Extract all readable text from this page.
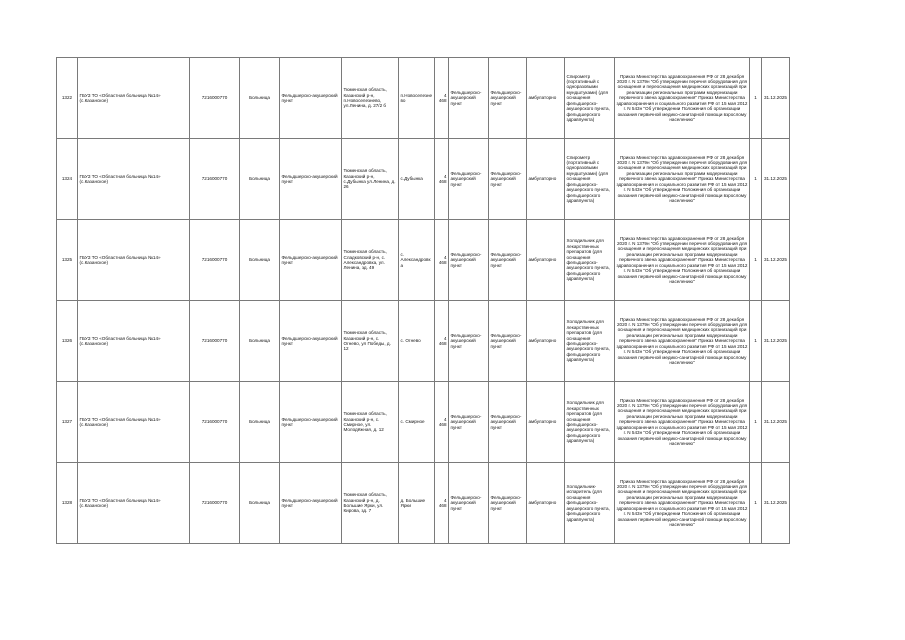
1322	ГБУЗ ТО «Областная больница №14» (с.Казанское)	7216000770	Больница	Фельдшерско-акушерский пункт	Тюменская область, Казанский р-н, п.Новоселезнево, ул.Ленина, д. 27/2 б	п.Новоселезнево	4 468	Фельдшерско-акушерский пункт	Фельдшерско-акушерский пункт	амбулаторно	Спирометр (портативный с одноразовыми мундштуками) (для оснащения фельдшерско-акушерского пункта, фельдшерского здравпункта)	Приказ Министерства здравоохранения РФ от 28 декабря 2020 г. N 1379н "Об утверждении перечня оборудования для оснащения и переоснащения медицинских организаций при реализации региональных программ модернизации первичного звена здравоохранения" Приказ Министерства здравоохранения и социального развития РФ от 15 мая 2012 г. N 543н "Об утверждении Положения об организации оказания первичной медико-санитарной помощи взрослому населению"	1	31.12.2025
1324	ГБУЗ ТО «Областная больница №14» (с.Казанское)	7216000770	Больница	Фельдшерско-акушерский пункт	Тюменская область, Казанский р-н, с.Дубынка ул.Ленина, д. 26	с.Дубынка	4 468	Фельдшерско-акушерский пункт	Фельдшерско-акушерский пункт	амбулаторно	Спирометр (портативный с одноразовыми мундштуками) (для оснащения фельдшерско-акушерского пункта, фельдшерского здравпункта)	Приказ Министерства здравоохранения РФ от 28 декабря 2020 г. N 1379н "Об утверждении перечня оборудования для оснащения и переоснащения медицинских организаций при реализации региональных программ модернизации первичного звена здравоохранения" Приказ Министерства здравоохранения и социального развития РФ от 15 мая 2012 г. N 543н "Об утверждении Положения об организации оказания первичной медико-санитарной помощи взрослому населению"	1	31.12.2025
1325	ГБУЗ ТО «Областная больница №14» (с.Казанское)	7216000770	Больница	Фельдшерско-акушерский пункт	Тюменская область, Сладковский р-н, с. Александровка, ул. Ленина, зд. 49	с. Александровка	4 468	Фельдшерско-акушерский пункт	Фельдшерско-акушерский пункт	амбулаторно	Холодильник для лекарственных препаратов (для оснащения фельдшерско-акушерского пункта, фельдшерского здравпункта)	Приказ Министерства здравоохранения РФ от 28 декабря 2020 г. N 1379н "Об утверждении перечня оборудования для оснащения и переоснащения медицинских организаций при реализации региональных программ модернизации первичного звена здравоохранения" Приказ Министерства здравоохранения и социального развития РФ от 15 мая 2012 г. N 543н "Об утверждении Положения об организации оказания первичной медико-санитарной помощи взрослому населению"	1	31.12.2025
1326	ГБУЗ ТО «Областная больница №14» (с.Казанское)	7216000770	Больница	Фельдшерско-акушерский пункт	Тюменская область, Казанский р-н, с. Огнево, ул Победы, д. 12	с. Огнево	4 468	Фельдшерско-акушерский пункт	Фельдшерско-акушерский пункт	амбулаторно	Холодильник для лекарственных препаратов (для оснащения фельдшерско-акушерского пункта, фельдшерского здравпункта)	Приказ Министерства здравоохранения РФ от 28 декабря 2020 г. N 1379н "Об утверждении перечня оборудования для оснащения и переоснащения медицинских организаций при реализации региональных программ модернизации первичного звена здравоохранения" Приказ Министерства здравоохранения и социального развития РФ от 15 мая 2012 г. N 543н "Об утверждении Положения об организации оказания первичной медико-санитарной помощи взрослому населению"	1	31.12.2025
1327	ГБУЗ ТО «Областная больница №14» (с.Казанское)	7216000770	Больница	Фельдшерско-акушерский пункт	Тюменская область, Казанский р-н, с. Смирное, ул. Молодёжная, д. 12	с. Смирное	4 468	Фельдшерско-акушерский пункт	Фельдшерско-акушерский пункт	амбулаторно	Холодильник для лекарственных препаратов (для оснащения фельдшерско-акушерского пункта, фельдшерского здравпункта)	Приказ Министерства здравоохранения РФ от 28 декабря 2020 г. N 1379н "Об утверждении перечня оборудования для оснащения и переоснащения медицинских организаций при реализации региональных программ модернизации первичного звена здравоохранения" Приказ Министерства здравоохранения и социального развития РФ от 15 мая 2012 г. N 543н "Об утверждении Положения об организации оказания первичной медико-санитарной помощи взрослому населению"	1	31.12.2025
1328	ГБУЗ ТО «Областная больница №14» (с.Казанское)	7216000770	Больница	Фельдшерско-акушерский пункт	Тюменская область, Казанский р-н, д. Большие Ярки, ул. Кирова, зд. 7	д. Большие Ярки	4 468	Фельдшерско-акушерский пункт	Фельдшерско-акушерский пункт	амбулаторно	Холодильник-испаритель (для оснащения фельдшерско-акушерского пункта, фельдшерского здравпункта)	Приказ Министерства здравоохранения РФ от 28 декабря 2020 г. N 1379н "Об утверждении перечня оборудования для оснащения и переоснащения медицинских организаций при реализации региональных программ модернизации первичного звена здравоохранения" Приказ Министерства здравоохранения и социального развития РФ от 15 мая 2012 г. N 543н "Об утверждении Положения об организации оказания первичной медико-санитарной помощи взрослому населению"	1	31.12.2025
